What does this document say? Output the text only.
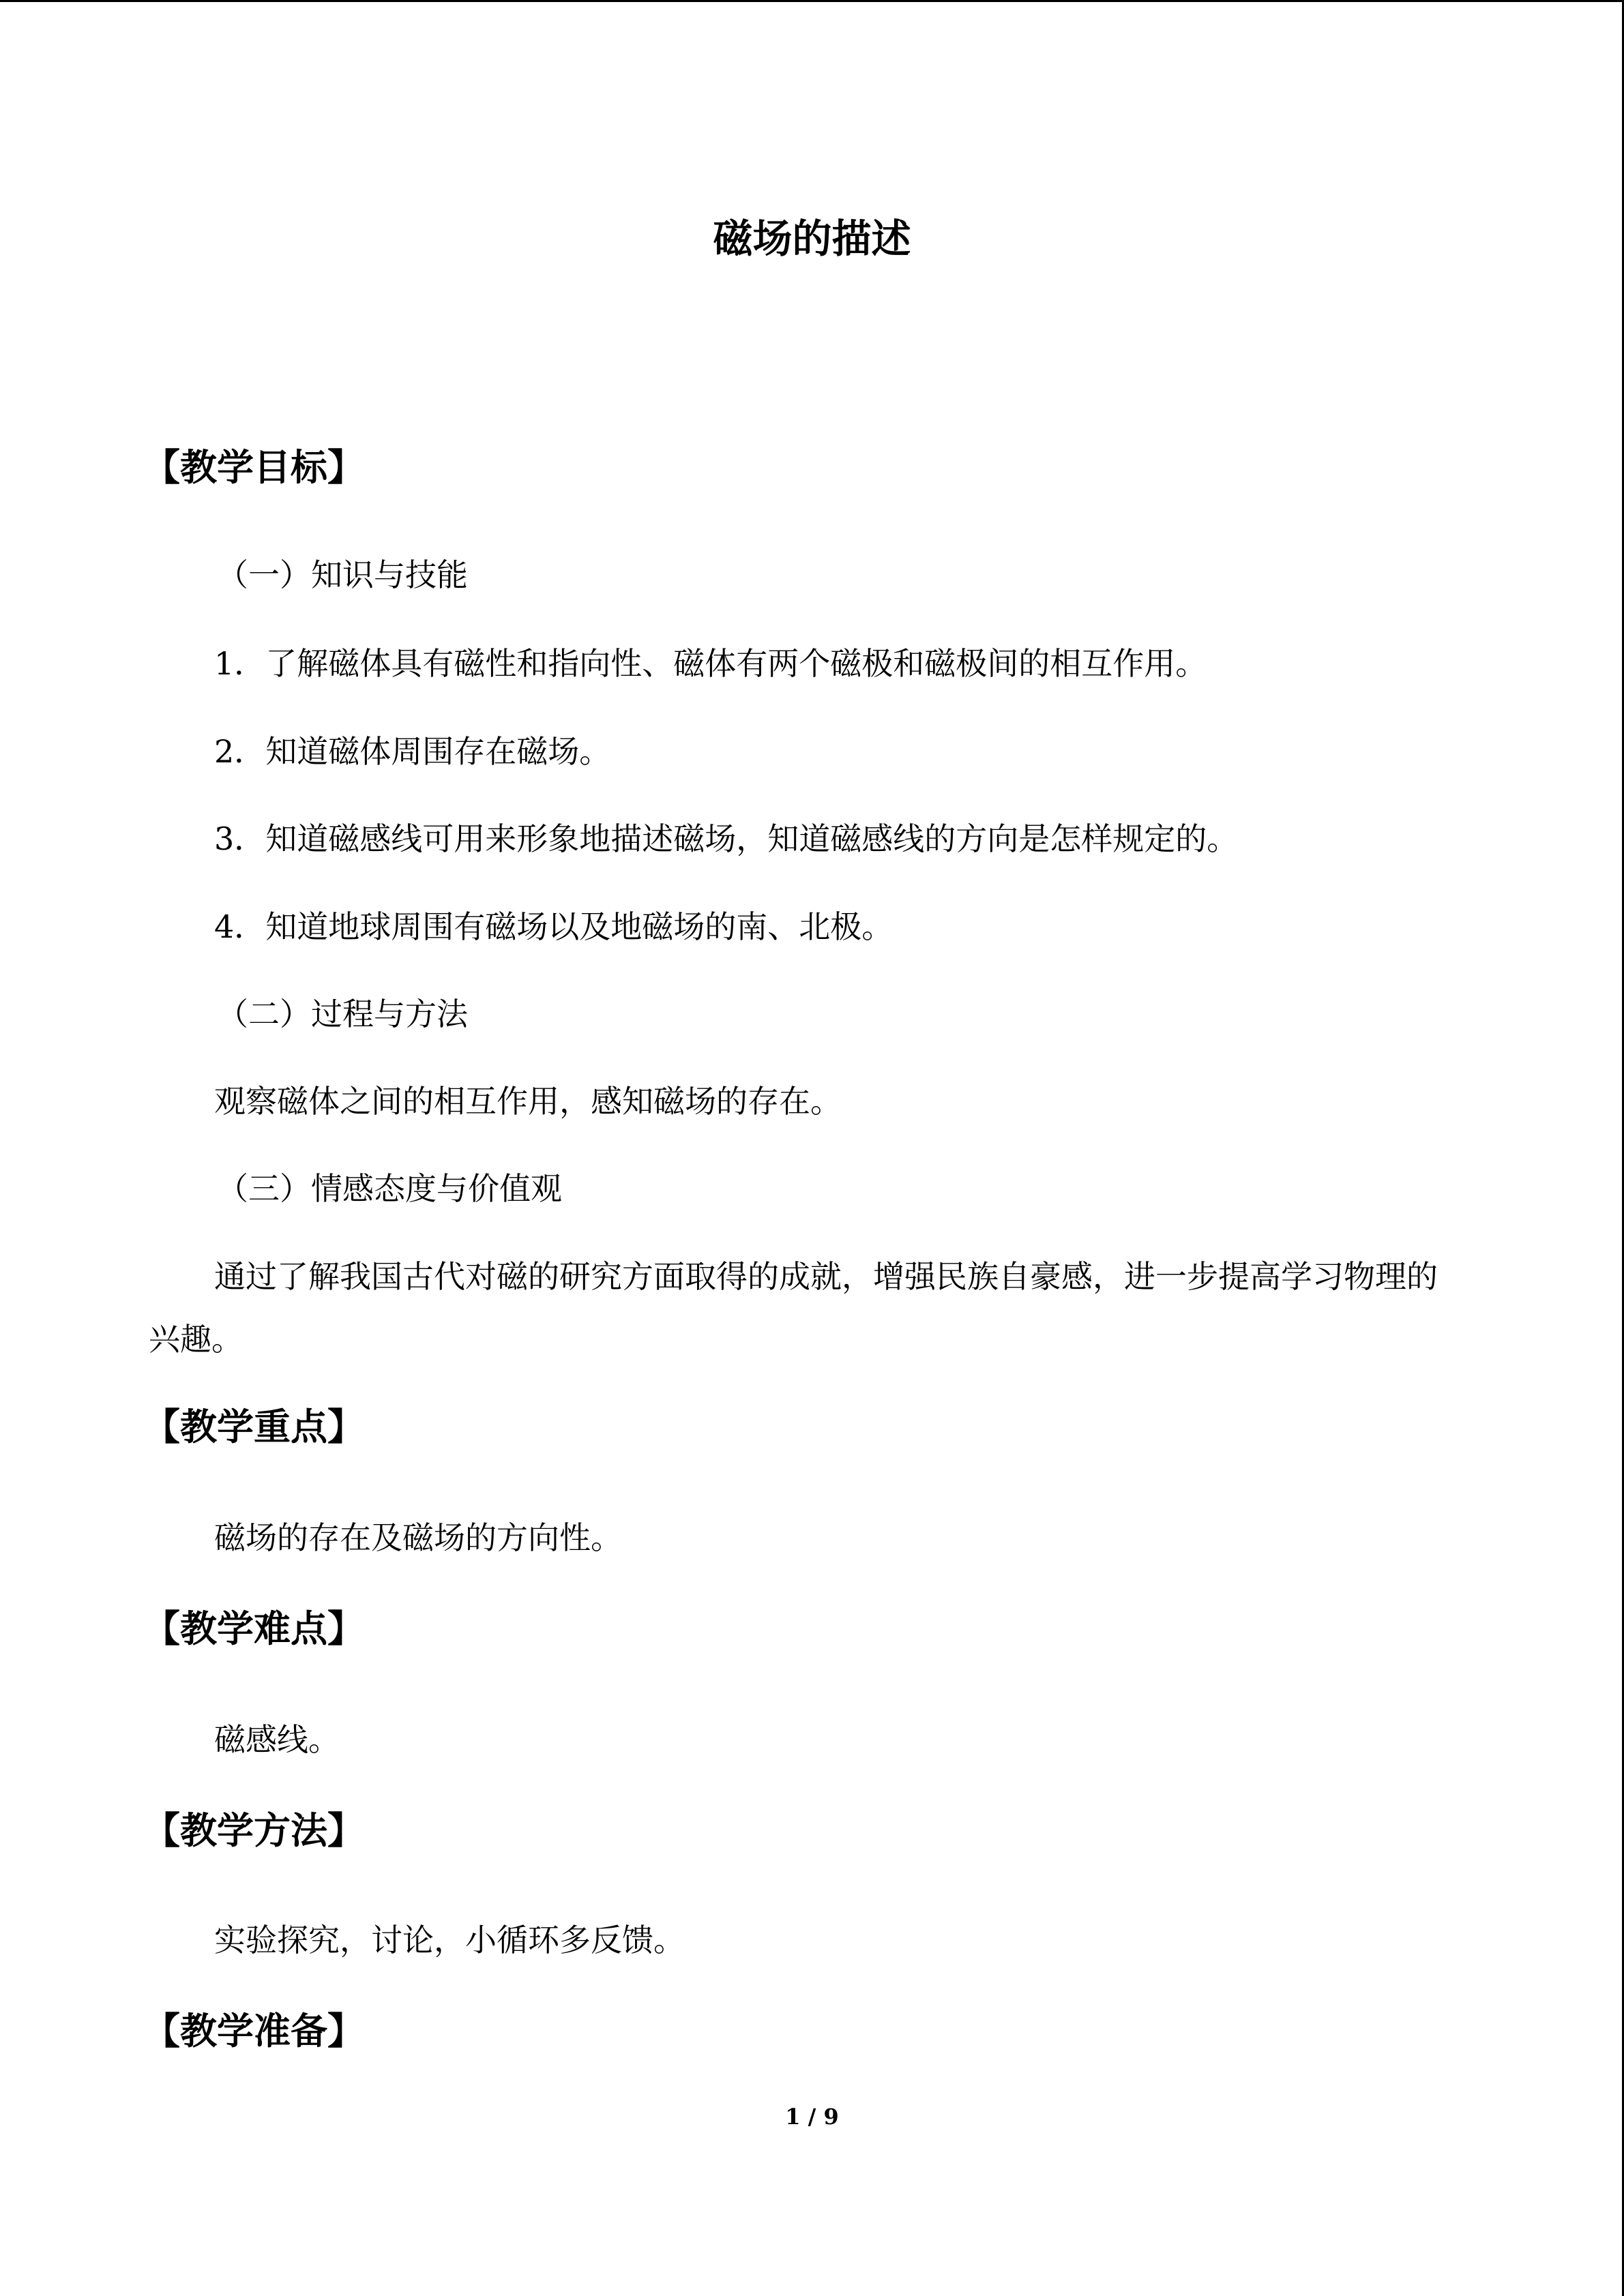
磁场的描述
【教学目标】
（一）知识与技能
1．了解磁体具有磁性和指向性、磁体有两个磁极和磁极间的相互作用。
2．知道磁体周围存在磁场。
3．知道磁感线可用来形象地描述磁场，知道磁感线的方向是怎样规定的。
4．知道地球周围有磁场以及地磁场的南、北极。
（二）过程与方法
观察磁体之间的相互作用，感知磁场的存在。
（三）情感态度与价值观
通过了解我国古代对磁的研究方面取得的成就，增强民族自豪感，进一步提高学习物理的兴趣。
【教学重点】
磁场的存在及磁场的方向性。
【教学难点】
磁感线。
【教学方法】
实验探究，讨论，小循环多反馈。
【教学准备】
1 / 9
